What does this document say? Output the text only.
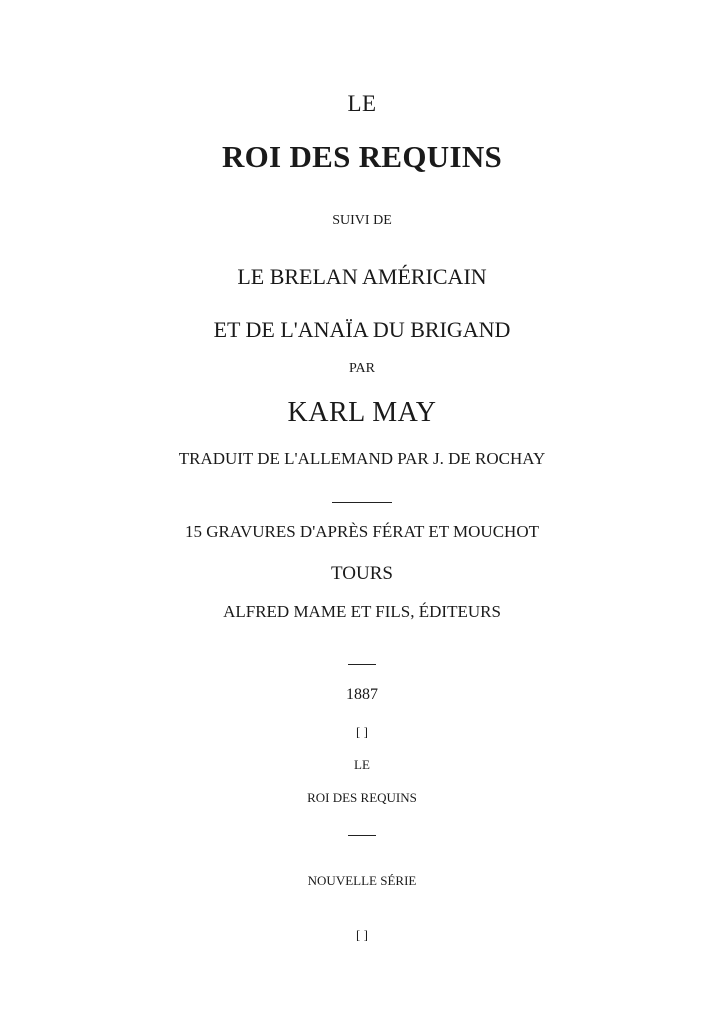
LE
ROI DES REQUINS
SUIVI DE
LE BRELAN AMÉRICAIN
ET DE L'ANAÏA DU BRIGAND
PAR
KARL MAY
TRADUIT DE L'ALLEMAND PAR J. DE ROCHAY
15 GRAVURES D'APRÈS FÉRAT ET MOUCHOT
TOURS
ALFRED MAME ET FILS, ÉDITEURS
1887
[ ]
LE
ROI DES REQUINS
NOUVELLE SÉRIE
[ ]
